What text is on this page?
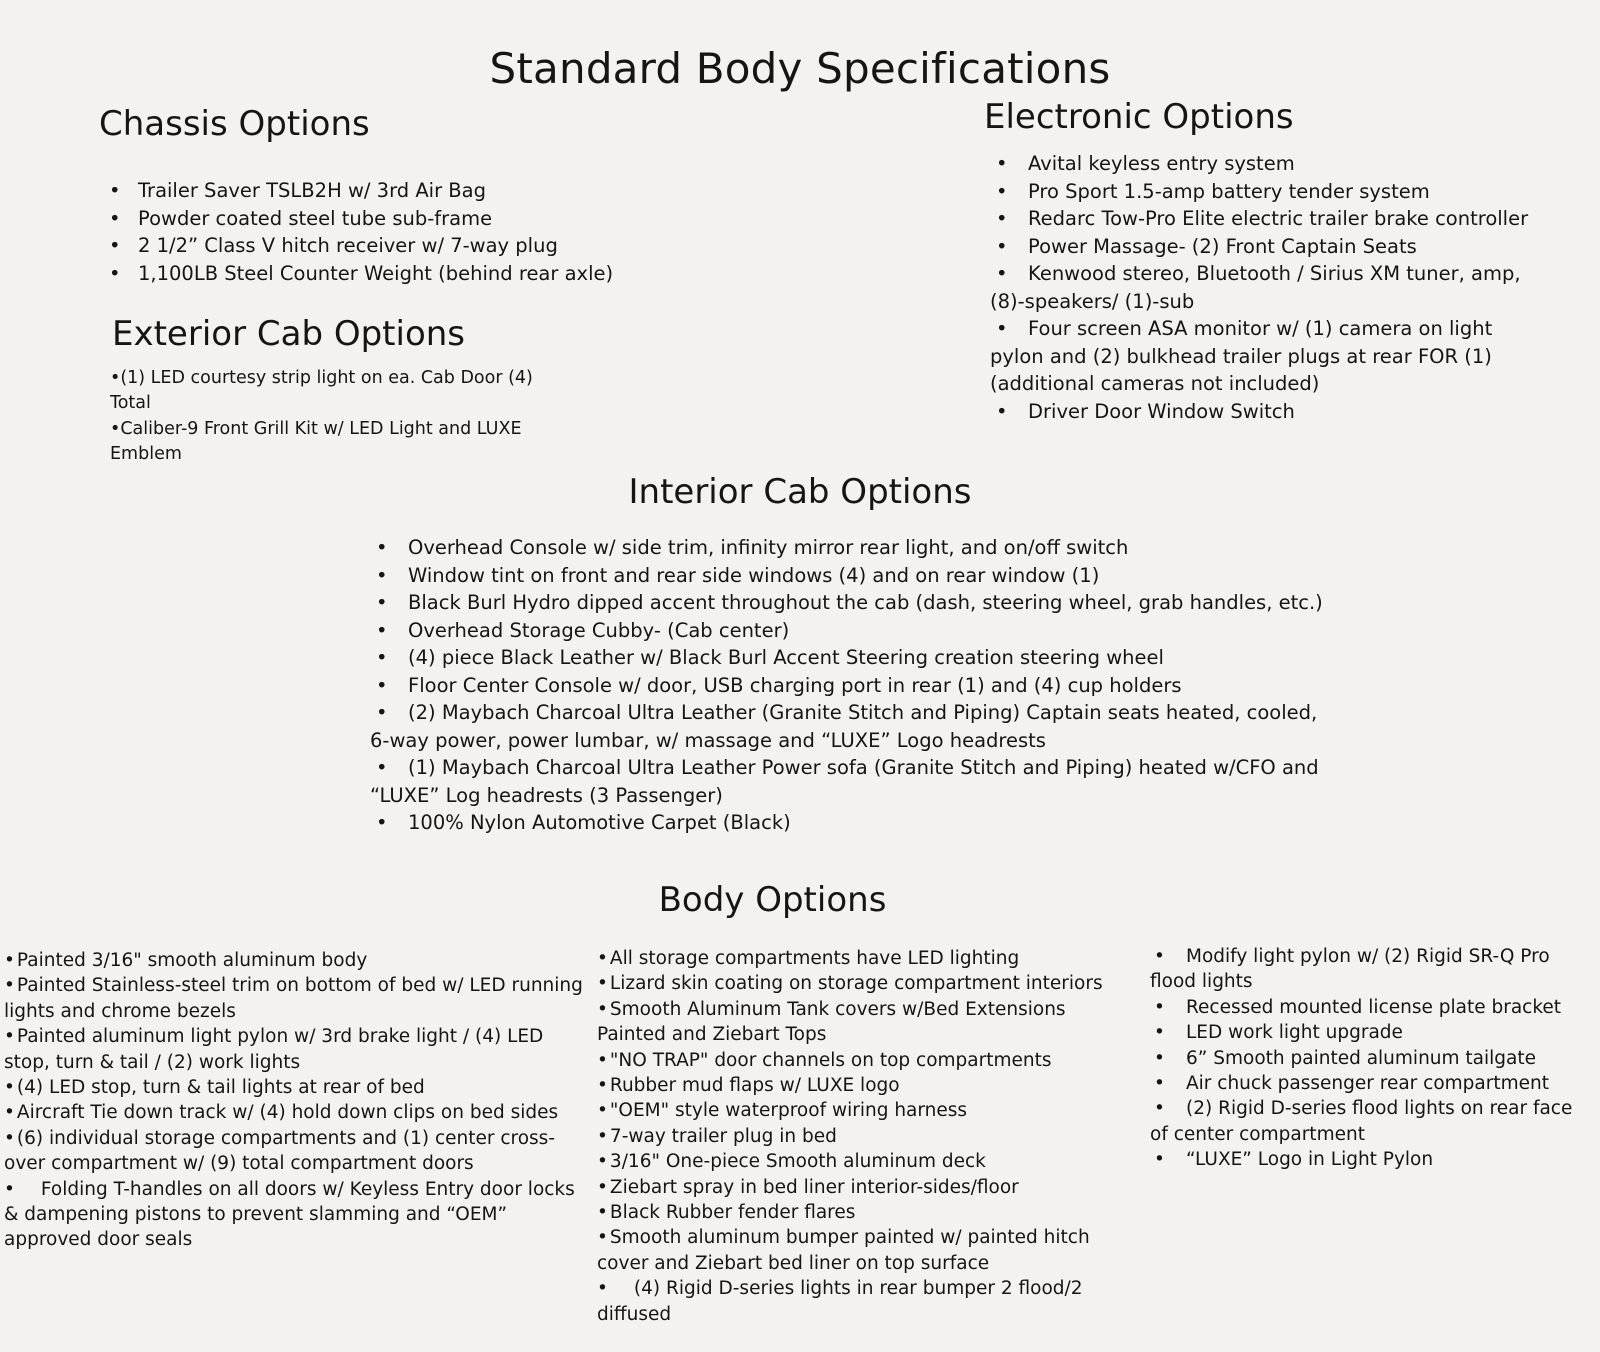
Standard Body Specifications
Chassis Options
• Trailer Saver TSLB2H w/ 3rd Air Bag
• Powder coated steel tube sub-frame
• 2 1/2” Class V hitch receiver w/ 7-way plug
• 1,100LB Steel Counter Weight (behind rear axle)
Exterior Cab Options
• (1) LED courtesy strip light on ea. Cab Door (4) Total
• Caliber-9 Front Grill Kit w/ LED Light and LUXE Emblem
Electronic Options
• Avital keyless entry system
• Pro Sport 1.5-amp battery tender system
• Redarc Tow-Pro Elite electric trailer brake controller
• Power Massage- (2) Front Captain Seats
• Kenwood stereo, Bluetooth / Sirius XM tuner, amp, (8)-speakers/ (1)-sub
• Four screen ASA monitor w/ (1) camera on light pylon and (2) bulkhead trailer plugs at rear FOR (1) (additional cameras not included)
• Driver Door Window Switch
Interior Cab Options
• Overhead Console w/ side trim, infinity mirror rear light, and on/off switch
• Window tint on front and rear side windows (4) and on rear window (1)
• Black Burl Hydro dipped accent throughout the cab (dash, steering wheel, grab handles, etc.)
• Overhead Storage Cubby- (Cab center)
• (4) piece Black Leather w/ Black Burl Accent Steering creation steering wheel
• Floor Center Console w/ door, USB charging port in rear (1) and (4) cup holders
• (2) Maybach Charcoal Ultra Leather (Granite Stitch and Piping) Captain seats heated, cooled, 6-way power, power lumbar, w/ massage and “LUXE” Logo headrests
• (1) Maybach Charcoal Ultra Leather Power sofa (Granite Stitch and Piping) heated w/CFO and “LUXE” Log headrests (3 Passenger)
• 100% Nylon Automotive Carpet (Black)
Body Options
• Painted 3/16" smooth aluminum body
• Painted Stainless-steel trim on bottom of bed w/ LED running lights and chrome bezels
• Painted aluminum light pylon w/ 3rd brake light / (4) LED stop, turn & tail / (2) work lights
• (4) LED stop, turn & tail lights at rear of bed
• Aircraft Tie down track w/ (4) hold down clips on bed sides
• (6) individual storage compartments and (1) center cross-over compartment w/ (9) total compartment doors
• Folding T-handles on all doors w/ Keyless Entry door locks & dampening pistons to prevent slamming and “OEM” approved door seals
• All storage compartments have LED lighting
• Lizard skin coating on storage compartment interiors
• Smooth Aluminum Tank covers w/Bed Extensions Painted and Ziebart Tops
• "NO TRAP" door channels on top compartments
• Rubber mud flaps w/ LUXE logo
• "OEM" style waterproof wiring harness
• 7-way trailer plug in bed
• 3/16" One-piece Smooth aluminum deck
• Ziebart spray in bed liner interior-sides/floor
• Black Rubber fender flares
• Smooth aluminum bumper painted w/ painted hitch cover and Ziebart bed liner on top surface
• (4) Rigid D-series lights in rear bumper 2 flood/2 diffused
• Modify light pylon w/ (2) Rigid SR-Q Pro flood lights
• Recessed mounted license plate bracket
• LED work light upgrade
• 6” Smooth painted aluminum tailgate
• Air chuck passenger rear compartment
• (2) Rigid D-series flood lights on rear face of center compartment
• “LUXE” Logo in Light Pylon
